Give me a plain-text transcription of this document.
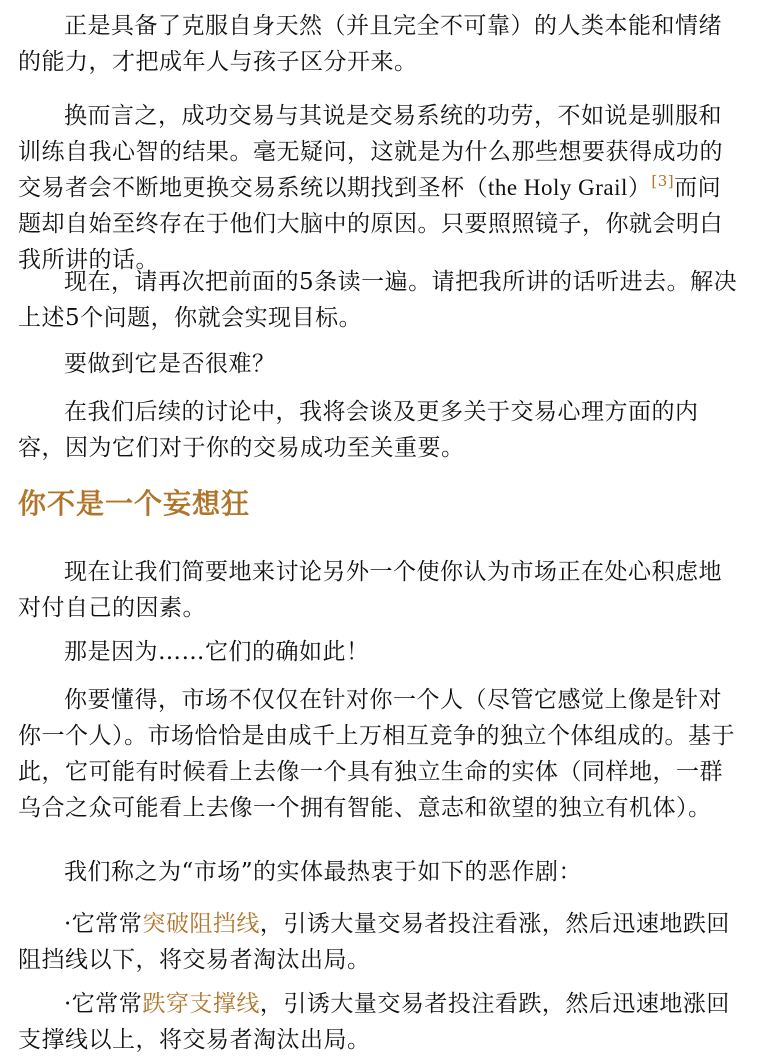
正是具备了克服自身天然（并且完全不可靠）的人类本能和情绪的能力，才把成年人与孩子区分开来。

换而言之，成功交易与其说是交易系统的功劳，不如说是驯服和训练自我心智的结果。毫无疑问，这就是为什么那些想要获得成功的交易者会不断地更换交易系统以期找到圣杯（the Holy Grail）[3]而问题却自始至终存在于他们大脑中的原因。只要照照镜子，你就会明白我所讲的话。

现在，请再次把前面的5条读一遍。请把我所讲的话听进去。解决上述5个问题，你就会实现目标。

要做到它是否很难？

在我们后续的讨论中，我将会谈及更多关于交易心理方面的内容，因为它们对于你的交易成功至关重要。

你不是一个妄想狂

现在让我们简要地来讨论另外一个使你认为市场正在处心积虑地对付自己的因素。

那是因为……它们的确如此！

你要懂得，市场不仅仅在针对你一个人（尽管它感觉上像是针对你一个人）。市场恰恰是由成千上万相互竞争的独立个体组成的。基于此，它可能有时候看上去像一个具有独立生命的实体（同样地，一群乌合之众可能看上去像一个拥有智能、意志和欲望的独立有机体）。

我们称之为“市场”的实体最热衷于如下的恶作剧：

·它常常突破阻挡线，引诱大量交易者投注看涨，然后迅速地跌回阻挡线以下，将交易者淘汰出局。

·它常常跌穿支撑线，引诱大量交易者投注看跌，然后迅速地涨回支撑线以上，将交易者淘汰出局。
